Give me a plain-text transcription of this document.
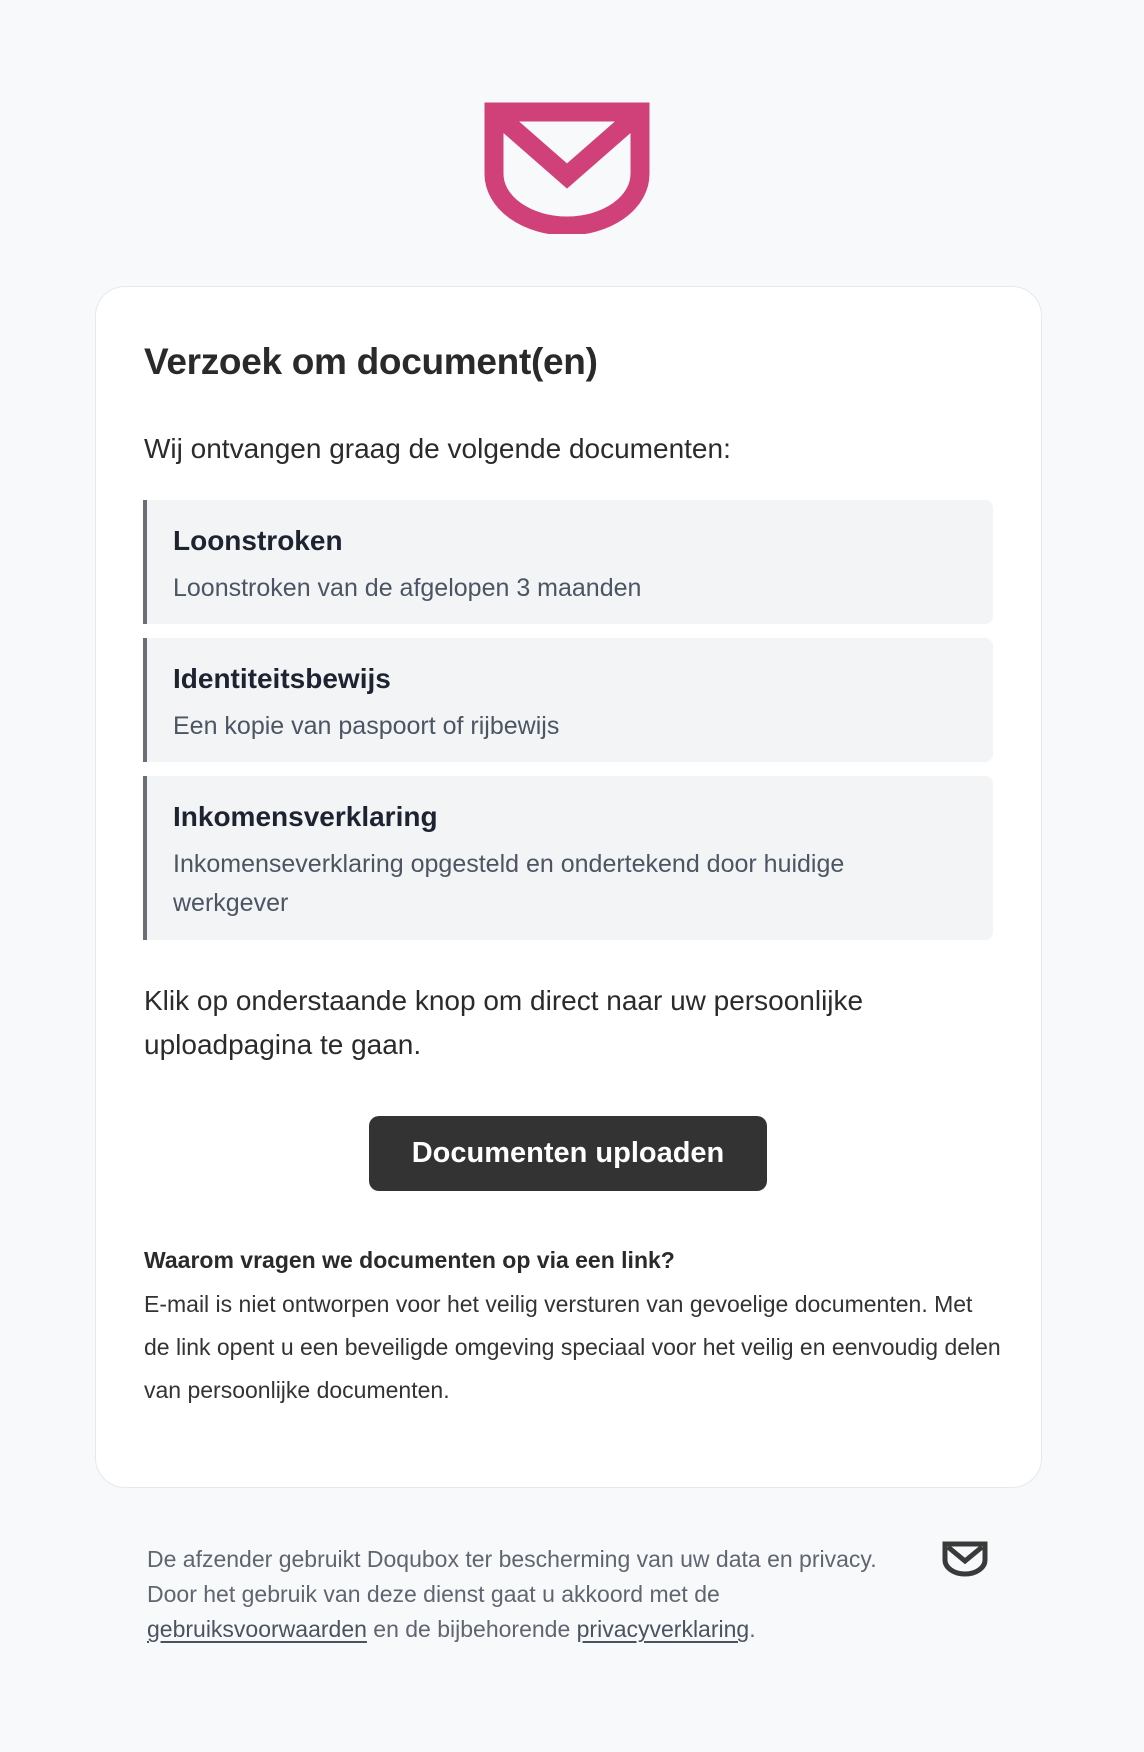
Verzoek om document(en)
Wij ontvangen graag de volgende documenten:
Loonstroken
Loonstroken van de afgelopen 3 maanden
Identiteitsbewijs
Een kopie van paspoort of rijbewijs
Inkomensverklaring
Inkomenseverklaring opgesteld en ondertekend door huidige werkgever
Klik op onderstaande knop om direct naar uw persoonlijke uploadpagina te gaan.
Documenten uploaden
Waarom vragen we documenten op via een link?
E-mail is niet ontworpen voor het veilig versturen van gevoelige documenten. Met de link opent u een beveiligde omgeving speciaal voor het veilig en eenvoudig delen van persoonlijke documenten.
De afzender gebruikt Doqubox ter bescherming van uw data en privacy. Door het gebruik van deze dienst gaat u akkoord met de gebruiksvoorwaarden en de bijbehorende privacyverklaring.
